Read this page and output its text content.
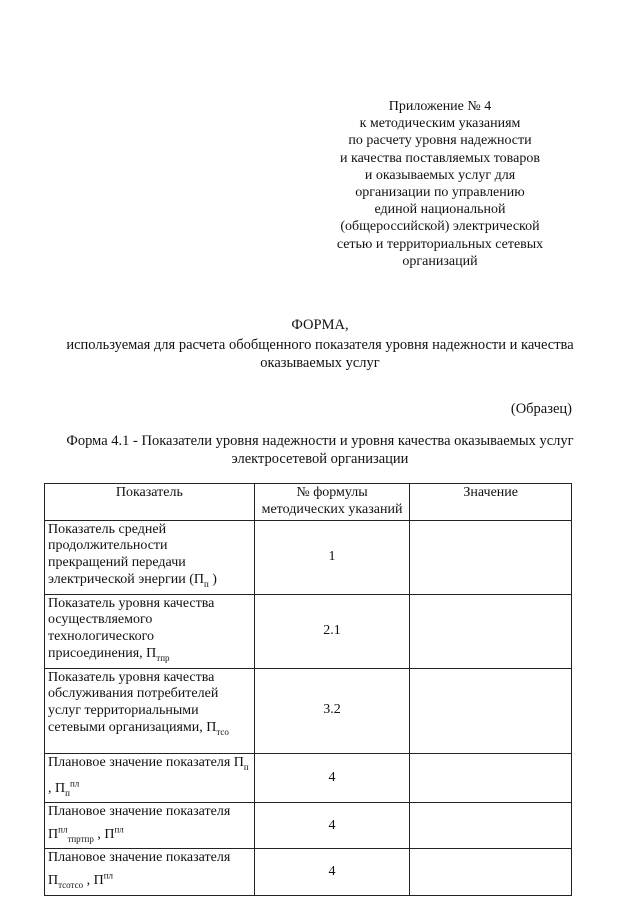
Приложение № 4
к методическим указаниям
по расчету уровня надежности
и качества поставляемых товаров
и оказываемых услуг для
организации по управлению
единой национальной
(общероссийской) электрической
сетью и территориальных сетевых
организаций
ФОРМА,
используемая для расчета обобщенного показателя уровня надежности и качества оказываемых услуг
(Образец)
Форма 4.1 - Показатели уровня надежности и уровня качества оказываемых услуг электросетевой организации
Показатель	№ формулы методических указаний	Значение
Показатель средней продолжительности прекращений передачи электрической энергии ($П_п$ )	1	
Показатель уровня качества осуществляемого технологического присоединения, $П_{тпр}$	2.1	
Показатель уровня качества обслуживания потребителей услуг территориальными сетевыми организациями, $П_{тсо}$	3.2	
Плановое значение показателя $П_п$ , $П_п^{пл}$	4	
Плановое значение показателя $П^{пл}_{тпртпр}$ , $П^{пл}$	4	
Плановое значение показателя $П_{тсотсо}$ , $П^{пл}$	4	
